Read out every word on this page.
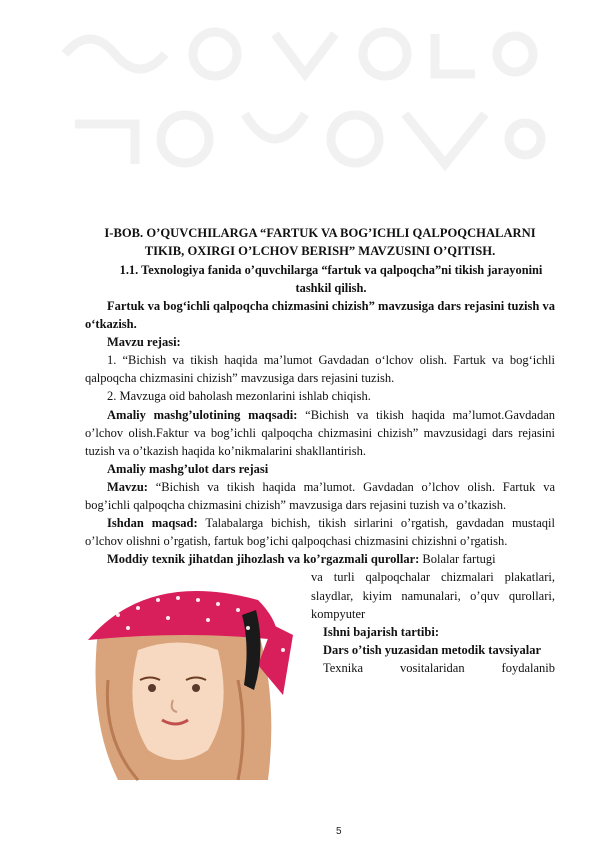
I-BOB. O’QUVCHILARGA “FARTUK VA BOG’ICHLI QALPOQCHALARNI TIKIB, OXIRGI O’LCHOV BERISH” MAVZUSINI O’QITISH.
1.1. Texnologiya fanida o’quvchilarga “fartuk va qalpoqcha”ni tikish jarayonini tashkil qilish.

Fartuk va bog‘ichli qalpoqcha chizmasini chizish” mavzusiga dars rejasini tuzish va o‘tkazish.

Mavzu rejasi:

1. “Bichish va tikish haqida ma’lumot Gavdadan o‘lchov olish. Fartuk va bog‘ichli qalpoqcha chizmasini chizish” mavzusiga dars rejasini tuzish.

2. Mavzuga oid baholash mezonlarini ishlab chiqish.

Amaliy mashg’ulotining maqsadi: “Bichish va tikish haqida ma’lumot.Gavdadan o’lchov olish.Faktur va bog’ichli qalpoqcha chizmasini chizish” mavzusidagi dars rejasini tuzish va o’tkazish haqida ko’nikmalarini shakllantirish.

Amaliy mashg’ulot dars rejasi

Mavzu: “Bichish va tikish haqida ma’lumot. Gavdadan o’lchov olish. Fartuk va bog’ichli qalpoqcha chizmasini chizish” mavzusiga dars rejasini tuzish va o’tkazish.

Ishdan maqsad: Talabalarga bichish, tikish sirlarini o’rgatish, gavdadan mustaqil o’lchov olishni o’rgatish, fartuk bog’ichi qalpoqchasi chizmasini chizishni o’rgatish.

Moddiy texnik jihatdan jihozlash va ko’rgazmali qurollar: Bolalar fartugi

va turli qalpoqchalar chizmalari plakatlari, slaydlar, kiyim namunalari, o’quv qurollari, kompyuter

Ishni bajarish tartibi:

Dars o’tish yuzasidan metodik tavsiyalar

Texnika vositalaridan foydalanib

5
